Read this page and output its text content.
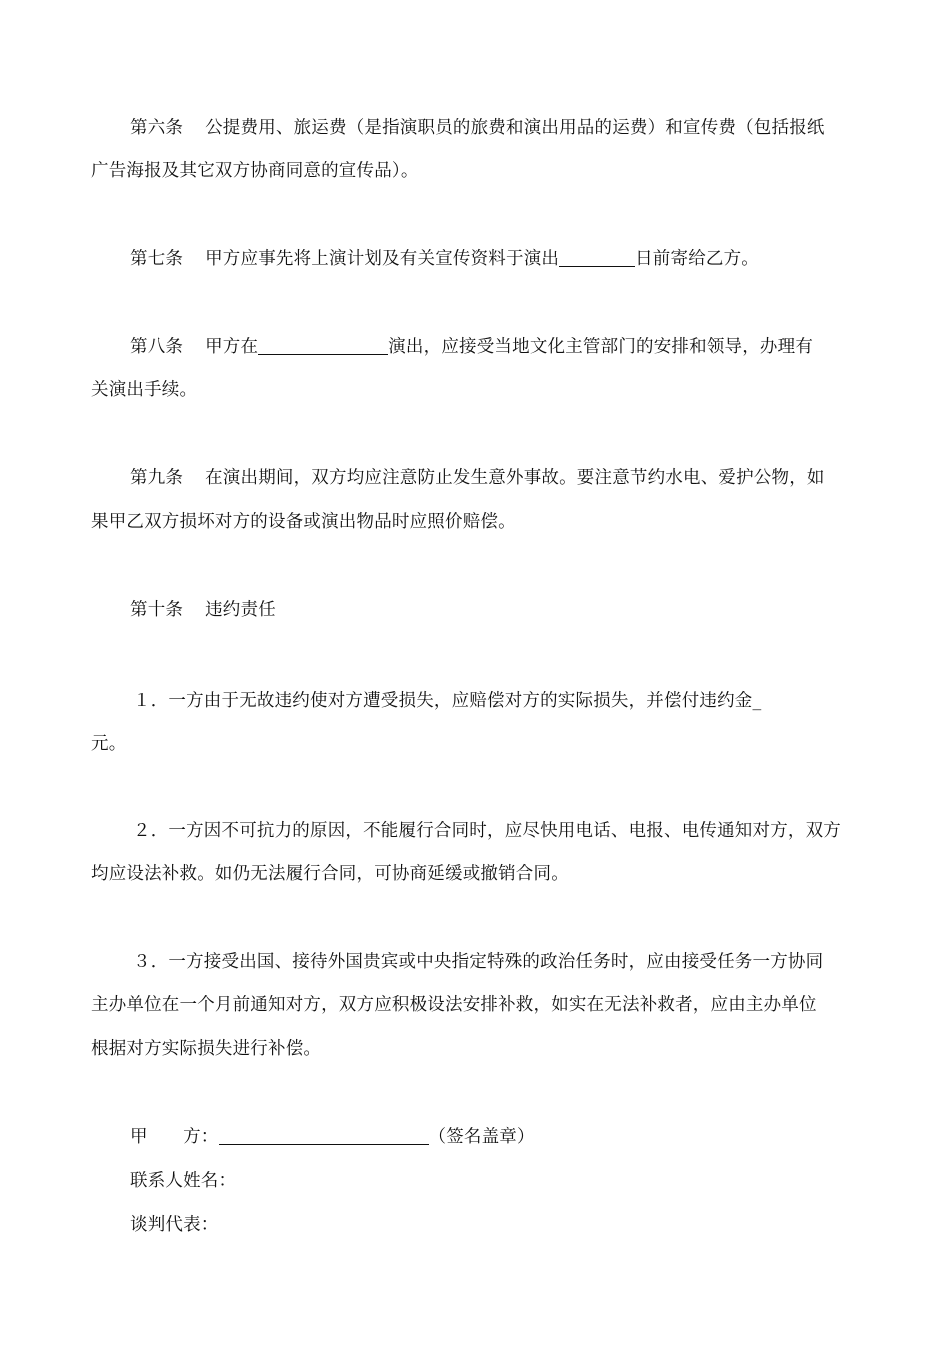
第六条 公提费用、旅运费（是指演职员的旅费和演出用品的运费）和宣传费（包括报纸
广告海报及其它双方协商同意的宣传品）。
第七条 甲方应事先将上演计划及有关宣传资料于演出	日前寄给乙方。
第八条 甲方在	演出，应接受当地文化主管部门的安排和领导，办理有
关演出手续。
第九条 在演出期间，双方均应注意防止发生意外事故。要注意节约水电、爱护公物，如
果甲乙双方损坏对方的设备或演出物品时应照价赔偿。
第十条 违约责任
１．一方由于无故违约使对方遭受损失，应赔偿对方的实际损失，并偿付违约金_
元。
２．一方因不可抗力的原因，不能履行合同时，应尽快用电话、电报、电传通知对方，双方
均应设法补救。如仍无法履行合同，可协商延缓或撤销合同。
３．一方接受出国、接待外国贵宾或中央指定特殊的政治任务时，应由接受任务一方协同
主办单位在一个月前通知对方，双方应积极设法安排补救，如实在无法补救者，应由主办单位
根据对方实际损失进行补偿。
甲　　方：	（签名盖章）
联系人姓名：
谈判代表：
